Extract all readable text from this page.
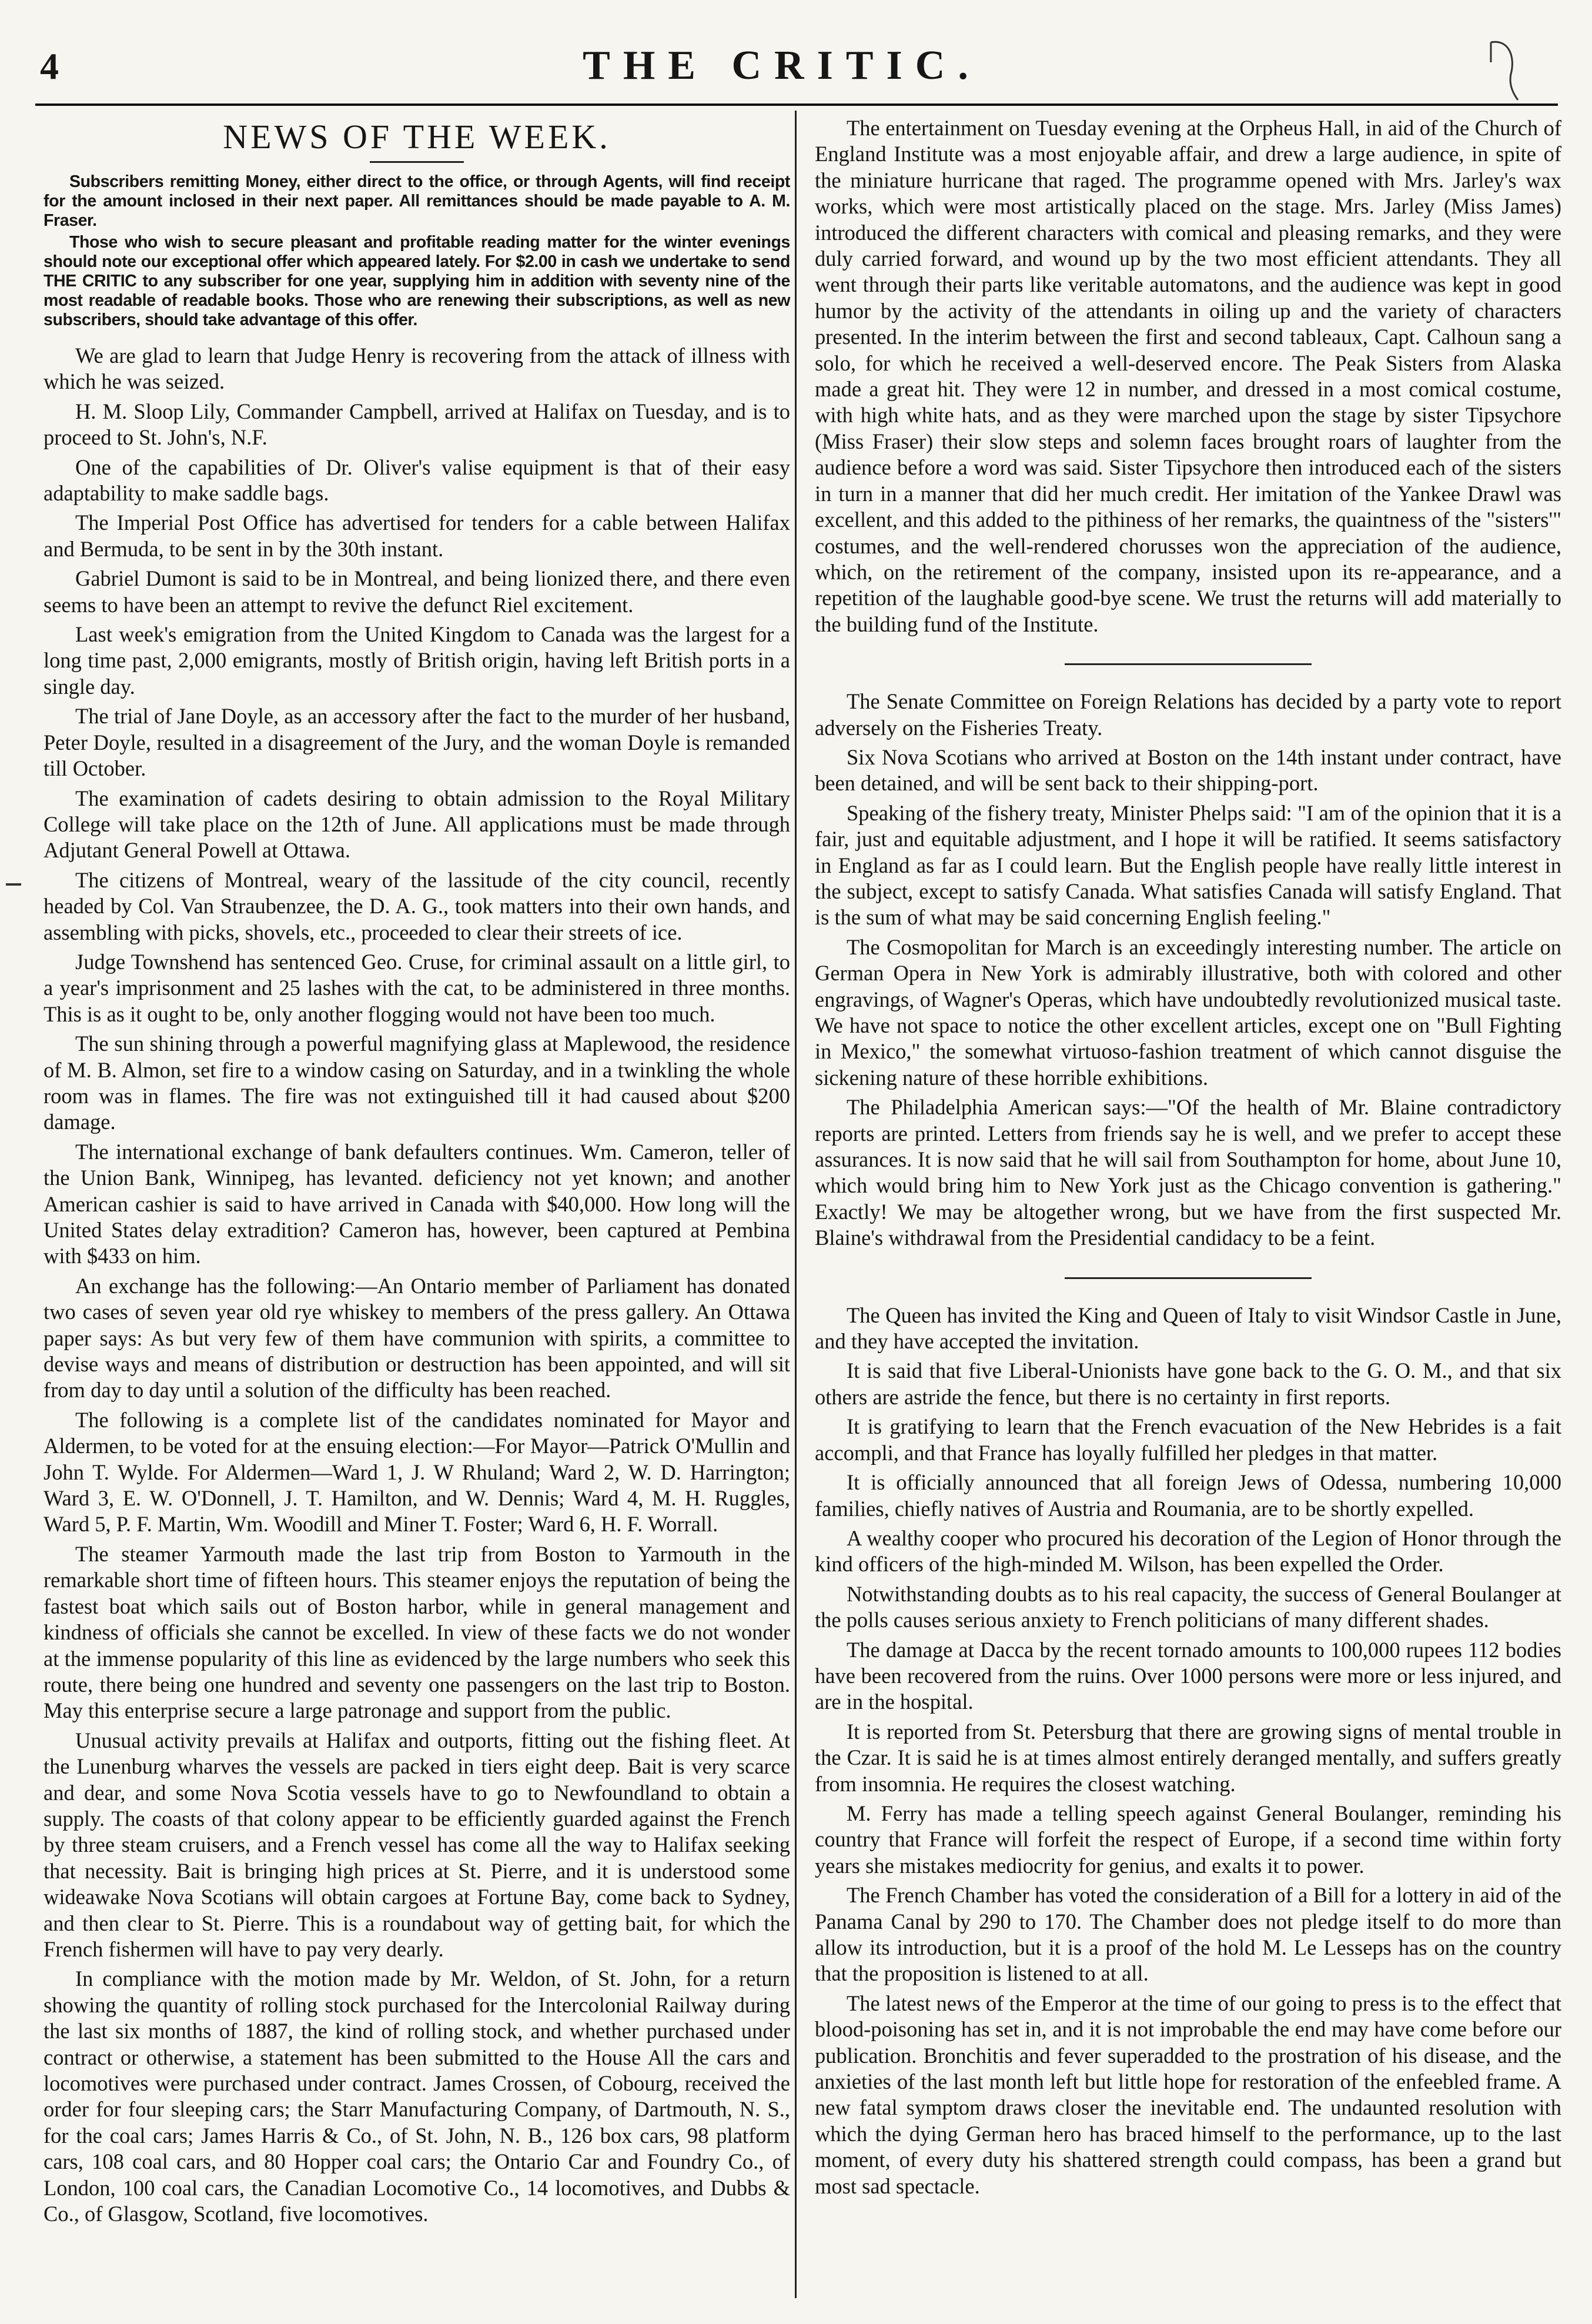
4	THE CRITIC.
NEWS OF THE WEEK.

Subscribers remitting Money, either direct to the office, or through Agents, will find receipt for the amount inclosed in their next paper. All remittances should be made payable to A. M. Fraser.

Those who wish to secure pleasant and profitable reading matter for the winter evenings should note our exceptional offer which appeared lately. For $2.00 in cash we undertake to send THE CRITIC to any subscriber for one year, supplying him in addition with seventy nine of the most readable of readable books. Those who are renewing their subscriptions, as well as new subscribers, should take advantage of this offer.

We are glad to learn that Judge Henry is recovering from the attack of illness with which he was seized.

H. M. Sloop Lily, Commander Campbell, arrived at Halifax on Tuesday, and is to proceed to St. John's, N.F.

One of the capabilities of Dr. Oliver's valise equipment is that of their easy adaptability to make saddle bags.

The Imperial Post Office has advertised for tenders for a cable between Halifax and Bermuda, to be sent in by the 30th instant.

Gabriel Dumont is said to be in Montreal, and being lionized there, and there even seems to have been an attempt to revive the defunct Riel excitement.

Last week's emigration from the United Kingdom to Canada was the largest for a long time past, 2,000 emigrants, mostly of British origin, having left British ports in a single day.

The trial of Jane Doyle, as an accessory after the fact to the murder of her husband, Peter Doyle, resulted in a disagreement of the Jury, and the woman Doyle is remanded till October.

The examination of cadets desiring to obtain admission to the Royal Military College will take place on the 12th of June. All applications must be made through Adjutant General Powell at Ottawa.

The citizens of Montreal, weary of the lassitude of the city council, recently headed by Col. Van Straubenzee, the D. A. G., took matters into their own hands, and assembling with picks, shovels, etc., proceeded to clear their streets of ice.

Judge Townshend has sentenced Geo. Cruse, for criminal assault on a little girl, to a year's imprisonment and 25 lashes with the cat, to be administered in three months. This is as it ought to be, only another flogging would not have been too much.

The sun shining through a powerful magnifying glass at Maplewood, the residence of M. B. Almon, set fire to a window casing on Saturday, and in a twinkling the whole room was in flames. The fire was not extinguished till it had caused about $200 damage.

The international exchange of bank defaulters continues. Wm. Cameron, teller of the Union Bank, Winnipeg, has levanted. deficiency not yet known; and another American cashier is said to have arrived in Canada with $40,000. How long will the United States delay extradition? Cameron has, however, been captured at Pembina with $433 on him.

An exchange has the following:—An Ontario member of Parliament has donated two cases of seven year old rye whiskey to members of the press gallery. An Ottawa paper says: As but very few of them have communion with spirits, a committee to devise ways and means of distribution or destruction has been appointed, and will sit from day to day until a solution of the difficulty has been reached.

The following is a complete list of the candidates nominated for Mayor and Aldermen, to be voted for at the ensuing election:—For Mayor—Patrick O'Mullin and John T. Wylde. For Aldermen—Ward 1, J. W Rhuland; Ward 2, W. D. Harrington; Ward 3, E. W. O'Donnell, J. T. Hamilton, and W. Dennis; Ward 4, M. H. Ruggles, Ward 5, P. F. Martin, Wm. Woodill and Miner T. Foster; Ward 6, H. F. Worrall.

The steamer Yarmouth made the last trip from Boston to Yarmouth in the remarkable short time of fifteen hours. This steamer enjoys the reputation of being the fastest boat which sails out of Boston harbor, while in general management and kindness of officials she cannot be excelled. In view of these facts we do not wonder at the immense popularity of this line as evidenced by the large numbers who seek this route, there being one hundred and seventy one passengers on the last trip to Boston. May this enterprise secure a large patronage and support from the public.

Unusual activity prevails at Halifax and outports, fitting out the fishing fleet. At the Lunenburg wharves the vessels are packed in tiers eight deep. Bait is very scarce and dear, and some Nova Scotia vessels have to go to Newfoundland to obtain a supply. The coasts of that colony appear to be efficiently guarded against the French by three steam cruisers, and a French vessel has come all the way to Halifax seeking that necessity. Bait is bringing high prices at St. Pierre, and it is understood some wideawake Nova Scotians will obtain cargoes at Fortune Bay, come back to Sydney, and then clear to St. Pierre. This is a roundabout way of getting bait, for which the French fishermen will have to pay very dearly.

In compliance with the motion made by Mr. Weldon, of St. John, for a return showing the quantity of rolling stock purchased for the Intercolonial Railway during the last six months of 1887, the kind of rolling stock, and whether purchased under contract or otherwise, a statement has been submitted to the House All the cars and locomotives were purchased under contract. James Crossen, of Cobourg, received the order for four sleeping cars; the Starr Manufacturing Company, of Dartmouth, N. S., for the coal cars; James Harris & Co., of St. John, N. B., 126 box cars, 98 platform cars, 108 coal cars, and 80 Hopper coal cars; the Ontario Car and Foundry Co., of London, 100 coal cars, the Canadian Locomotive Co., 14 locomotives, and Dubbs & Co., of Glasgow, Scotland, five locomotives.

The entertainment on Tuesday evening at the Orpheus Hall, in aid of the Church of England Institute was a most enjoyable affair, and drew a large audience, in spite of the miniature hurricane that raged. The programme opened with Mrs. Jarley's wax works, which were most artistically placed on the stage. Mrs. Jarley (Miss James) introduced the different characters with comical and pleasing remarks, and they were duly carried forward, and wound up by the two most efficient attendants. They all went through their parts like veritable automatons, and the audience was kept in good humor by the activity of the attendants in oiling up and the variety of characters presented. In the interim between the first and second tableaux, Capt. Calhoun sang a solo, for which he received a well-deserved encore. The Peak Sisters from Alaska made a great hit. They were 12 in number, and dressed in a most comical costume, with high white hats, and as they were marched upon the stage by sister Tipsychore (Miss Fraser) their slow steps and solemn faces brought roars of laughter from the audience before a word was said. Sister Tipsychore then introduced each of the sisters in turn in a manner that did her much credit. Her imitation of the Yankee Drawl was excellent, and this added to the pithiness of her remarks, the quaintness of the "sisters'" costumes, and the well-rendered chorusses won the appreciation of the audience, which, on the retirement of the company, insisted upon its re-appearance, and a repetition of the laughable good-bye scene. We trust the returns will add materially to the building fund of the Institute.

The Senate Committee on Foreign Relations has decided by a party vote to report adversely on the Fisheries Treaty.

Six Nova Scotians who arrived at Boston on the 14th instant under contract, have been detained, and will be sent back to their shipping-port.

Speaking of the fishery treaty, Minister Phelps said: "I am of the opinion that it is a fair, just and equitable adjustment, and I hope it will be ratified. It seems satisfactory in England as far as I could learn. But the English people have really little interest in the subject, except to satisfy Canada. What satisfies Canada will satisfy England. That is the sum of what may be said concerning English feeling."

The Cosmopolitan for March is an exceedingly interesting number. The article on German Opera in New York is admirably illustrative, both with colored and other engravings, of Wagner's Operas, which have undoubtedly revolutionized musical taste. We have not space to notice the other excellent articles, except one on "Bull Fighting in Mexico," the somewhat virtuoso-fashion treatment of which cannot disguise the sickening nature of these horrible exhibitions.

The Philadelphia American says:—"Of the health of Mr. Blaine contradictory reports are printed. Letters from friends say he is well, and we prefer to accept these assurances. It is now said that he will sail from Southampton for home, about June 10, which would bring him to New York just as the Chicago convention is gathering." Exactly! We may be altogether wrong, but we have from the first suspected Mr. Blaine's withdrawal from the Presidential candidacy to be a feint.

The Queen has invited the King and Queen of Italy to visit Windsor Castle in June, and they have accepted the invitation.

It is said that five Liberal-Unionists have gone back to the G. O. M., and that six others are astride the fence, but there is no certainty in first reports.

It is gratifying to learn that the French evacuation of the New Hebrides is a fait accompli, and that France has loyally fulfilled her pledges in that matter.

It is officially announced that all foreign Jews of Odessa, numbering 10,000 families, chiefly natives of Austria and Roumania, are to be shortly expelled.

A wealthy cooper who procured his decoration of the Legion of Honor through the kind officers of the high-minded M. Wilson, has been expelled the Order.

Notwithstanding doubts as to his real capacity, the success of General Boulanger at the polls causes serious anxiety to French politicians of many different shades.

The damage at Dacca by the recent tornado amounts to 100,000 rupees 112 bodies have been recovered from the ruins. Over 1000 persons were more or less injured, and are in the hospital.

It is reported from St. Petersburg that there are growing signs of mental trouble in the Czar. It is said he is at times almost entirely deranged mentally, and suffers greatly from insomnia. He requires the closest watching.

M. Ferry has made a telling speech against General Boulanger, reminding his country that France will forfeit the respect of Europe, if a second time within forty years she mistakes mediocrity for genius, and exalts it to power.

The French Chamber has voted the consideration of a Bill for a lottery in aid of the Panama Canal by 290 to 170. The Chamber does not pledge itself to do more than allow its introduction, but it is a proof of the hold M. Le Lesseps has on the country that the proposition is listened to at all.

The latest news of the Emperor at the time of our going to press is to the effect that blood-poisoning has set in, and it is not improbable the end may have come before our publication. Bronchitis and fever superadded to the prostration of his disease, and the anxieties of the last month left but little hope for restoration of the enfeebled frame. A new fatal symptom draws closer the inevitable end. The undaunted resolution with which the dying German hero has braced himself to the performance, up to the last moment, of every duty his shattered strength could compass, has been a grand but most sad spectacle.
